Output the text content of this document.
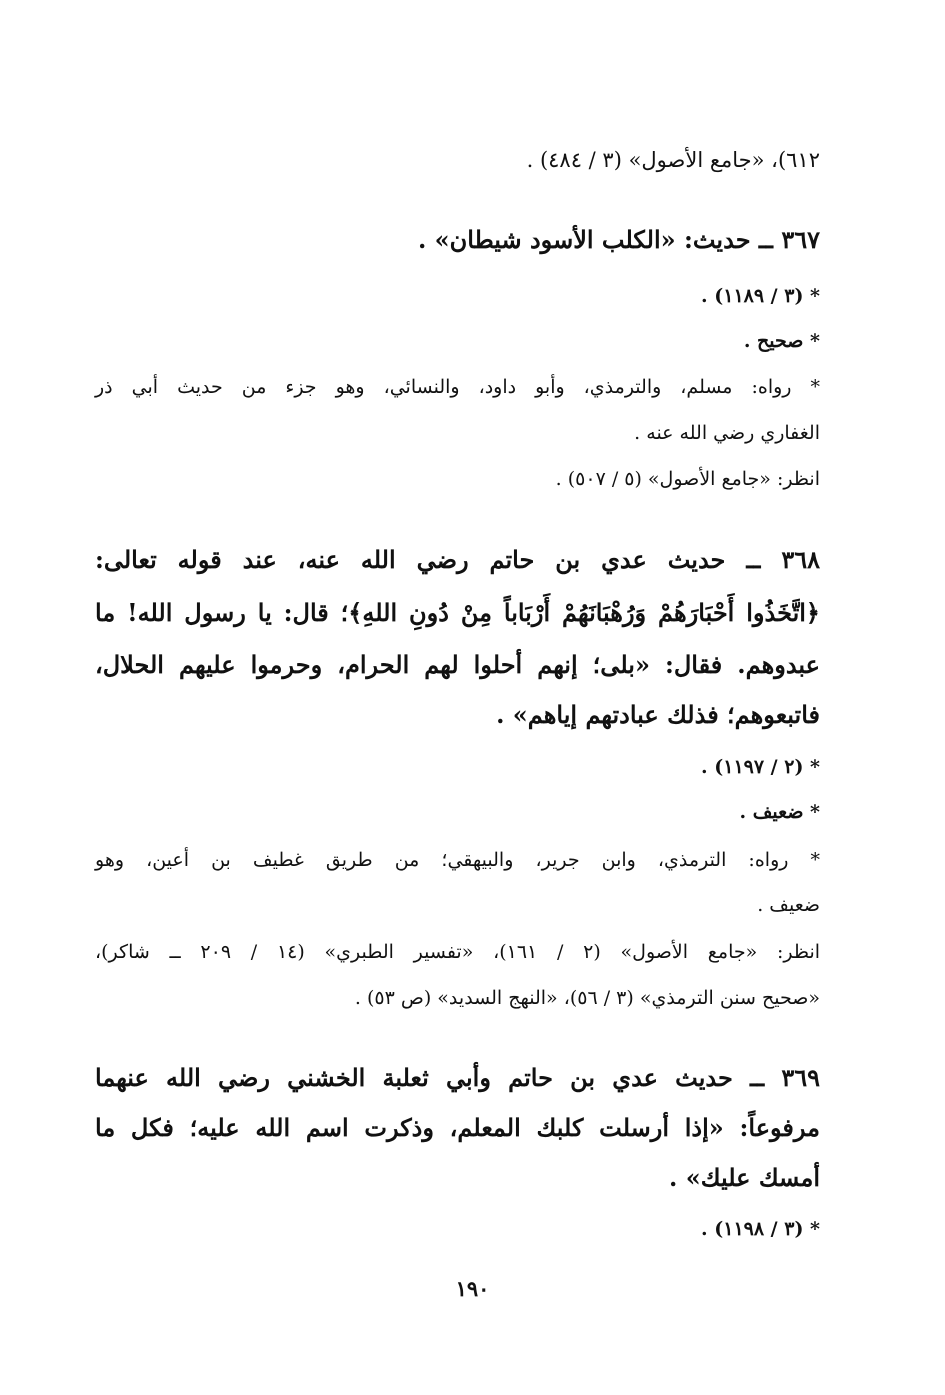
٦١٢)، «جامع الأصول» (٣ / ٤٨٤) .
٣٦٧ ــ حديث: «الكلب الأسود شيطان» .
* (٣ / ١١٨٩) .
* صحيح .
* رواه: مسلم، والترمذي، وأبو داود، والنسائي، وهو جزء من حديث أبي ذر
الغفاري رضي الله عنه .
انظر: «جامع الأصول» (٥ / ٥٠٧) .
٣٦٨ ــ حديث عدي بن حاتم رضي الله عنه، عند قوله تعالى:
﴿اتَّخَذُوا أَحْبَارَهُمْ وَرُهْبَانَهُمْ أَرْبَاباً مِنْ دُونِ اللهِ﴾؛ قال: يا رسول الله! ما
عبدوهم. فقال: «بلى؛ إنهم أحلوا لهم الحرام، وحرموا عليهم الحلال،
فاتبعوهم؛ فذلك عبادتهم إياهم» .
* (٢ / ١١٩٧) .
* ضعيف .
* رواه: الترمذي، وابن جرير، والبيهقي؛ من طريق غطيف بن أعين، وهو
ضعيف .
انظر: «جامع الأصول» (٢ / ١٦١)، «تفسير الطبري» (١٤ / ٢٠٩ ــ شاكر)،
«صحيح سنن الترمذي» (٣ / ٥٦)، «النهج السديد» (ص ٥٣) .
٣٦٩ ــ حديث عدي بن حاتم وأبي ثعلبة الخشني رضي الله عنهما
مرفوعاً: «إذا أرسلت كلبك المعلم، وذكرت اسم الله عليه؛ فكل ما
أمسك عليك» .
* (٣ / ١١٩٨) .
١٩٠
